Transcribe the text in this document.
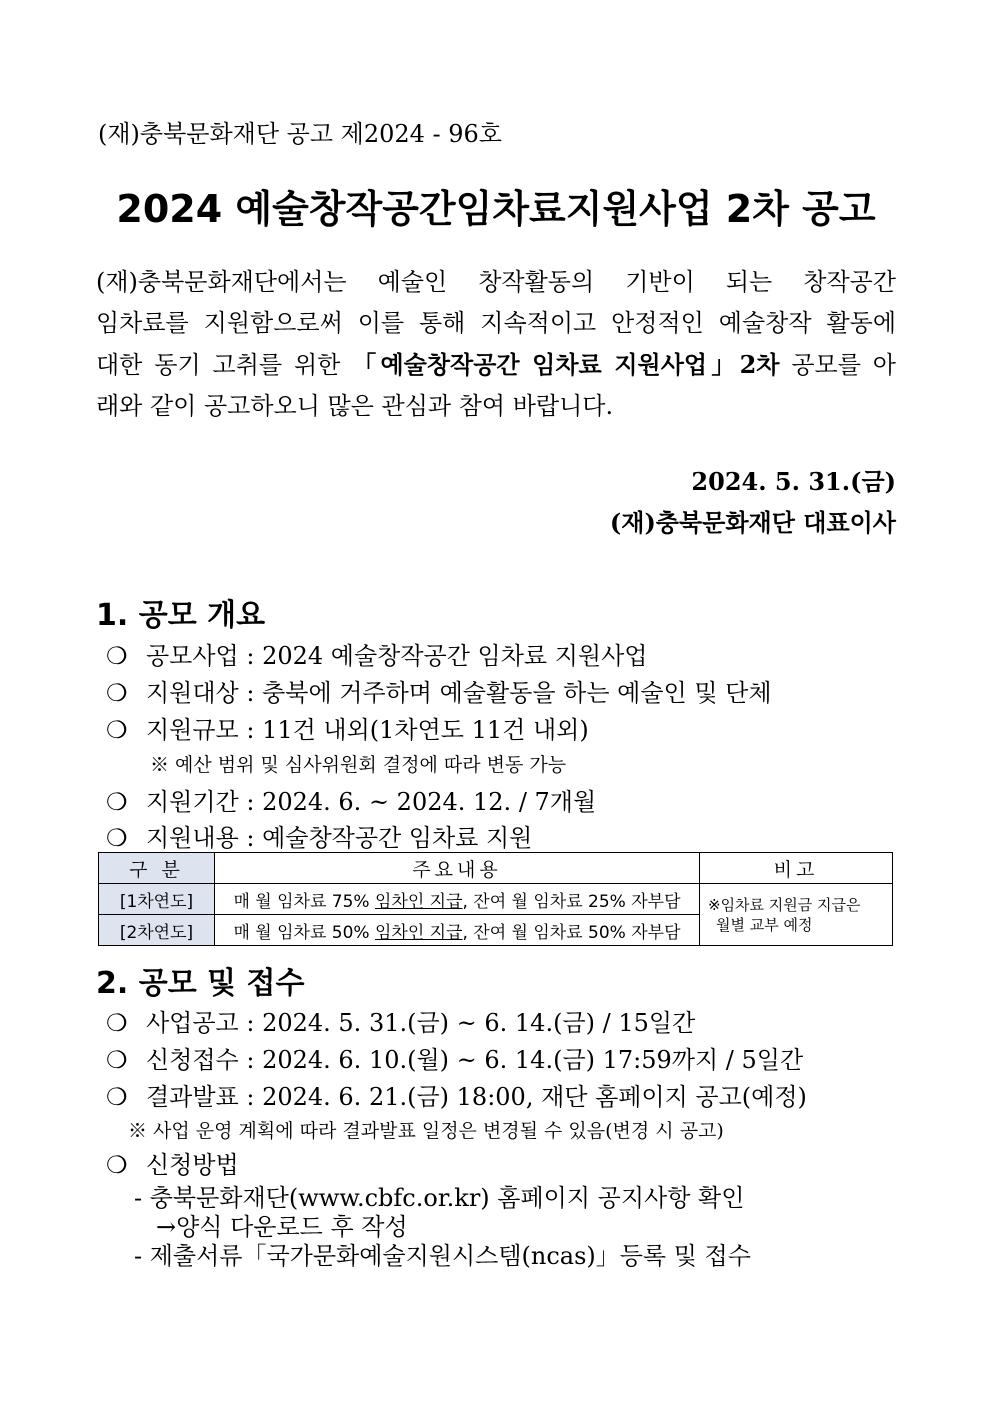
(재)충북문화재단 공고 제2024 - 96호
2024 예술창작공간임차료지원사업 2차 공고
(재)충북문화재단에서는 예술인 창작활동의 기반이 되는 창작공간
임차료를 지원함으로써 이를 통해 지속적이고 안정적인 예술창작 활동에
대한 동기 고취를 위한 「예술창작공간 임차료 지원사업」2차 공모를 아
래와 같이 공고하오니 많은 관심과 참여 바랍니다.
2024. 5. 31.(금)
(재)충북문화재단 대표이사
1. 공모 개요
❍ 공모사업 : 2024 예술창작공간 임차료 지원사업
❍ 지원대상 : 충북에 거주하며 예술활동을 하는 예술인 및 단체
❍ 지원규모 : 11건 내외(1차연도 11건 내외)
※ 예산 범위 및 심사위원회 결정에 따라 변동 가능
❍ 지원기간 : 2024. 6. ~ 2024. 12. / 7개월
❍ 지원내용 : 예술창작공간 임차료 지원
구 분	주요내용	비고
[1차연도]	매 월 임차료 75% 임차인 지급, 잔여 월 임차료 25% 자부담	※임차료 지원금 지급은
월별 교부 예정

[2차연도]	매 월 임차료 50% 임차인 지급, 잔여 월 임차료 50% 자부담	
2. 공모 및 접수
❍ 사업공고 : 2024. 5. 31.(금) ~ 6. 14.(금) / 15일간
❍ 신청접수 : 2024. 6. 10.(월) ~ 6. 14.(금) 17:59까지 / 5일간
❍ 결과발표 : 2024. 6. 21.(금) 18:00, 재단 홈페이지 공고(예정)
※ 사업 운영 계획에 따라 결과발표 일정은 변경될 수 있음(변경 시 공고)
❍ 신청방법
- 충북문화재단(www.cbfc.or.kr) 홈페이지 공지사항 확인
→양식 다운로드 후 작성
- 제출서류「국가문화예술지원시스템(ncas)」등록 및 접수
